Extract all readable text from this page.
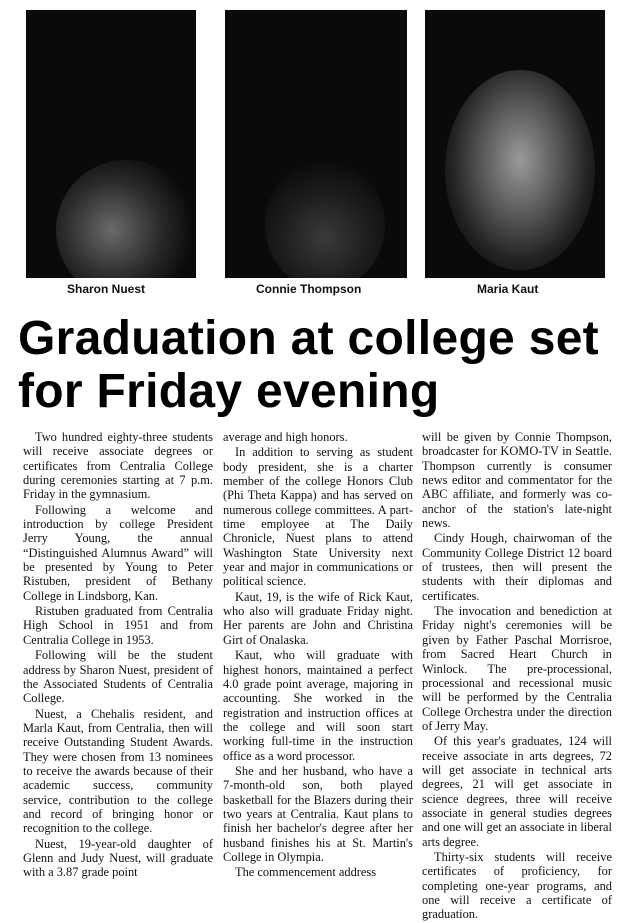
Sharon Nuest	Connie Thompson	Maria Kaut
Graduation at college set for Friday evening

Two hundred eighty-three students will receive associate degrees or certificates from Centralia College during ceremonies starting at 7 p.m. Friday in the gymnasium.

Following a welcome and introduction by college President Jerry Young, the annual “Distinguished Alumnus Award” will be presented by Young to Peter Ristuben, president of Bethany College in Lindsborg, Kan.

Ristuben graduated from Centralia High School in 1951 and from Centralia College in 1953.

Following will be the student address by Sharon Nuest, president of the Associated Students of Centralia College.

Nuest, a Chehalis resident, and Marla Kaut, from Centralia, then will receive Outstanding Student Awards. They were chosen from 13 nominees to receive the awards because of their academic success, community service, contribution to the college and record of bringing honor or recognition to the college.

Nuest, 19-year-old daughter of Glenn and Judy Nuest, will graduate with a 3.87 grade point

average and high honors.

In addition to serving as student body president, she is a charter member of the college Honors Club (Phi Theta Kappa) and has served on numerous college committees. A part-time employee at The Daily Chronicle, Nuest plans to attend Washington State University next year and major in communications or political science.

Kaut, 19, is the wife of Rick Kaut, who also will graduate Friday night. Her parents are John and Christina Girt of Onalaska.

Kaut, who will graduate with highest honors, maintained a perfect 4.0 grade point average, majoring in accounting. She worked in the registration and instruction offices at the college and will soon start working full-time in the instruction office as a word processor.

She and her husband, who have a 7-month-old son, both played basketball for the Blazers during their two years at Centralia. Kaut plans to finish her bachelor's degree after her husband finishes his at St. Martin's College in Olympia.

The commencement address

will be given by Connie Thompson, broadcaster for KOMO-TV in Seattle. Thompson currently is consumer news editor and commentator for the ABC affiliate, and formerly was co-anchor of the station's late-night news.

Cindy Hough, chairwoman of the Community College District 12 board of trustees, then will present the students with their diplomas and certificates.

The invocation and benediction at Friday night's ceremonies will be given by Father Paschal Morrisroe, from Sacred Heart Church in Winlock. The pre-processional, processional and recessional music will be performed by the Centralia College Orchestra under the direction of Jerry May.

Of this year's graduates, 124 will receive associate in arts degrees, 72 will get associate in technical arts degrees, 21 will get associate in science degrees, three will receive associate in general studies degrees and one will get an associate in liberal arts degree.

Thirty-six students will receive certificates of proficiency, for completing one-year programs, and one will receive a certificate of graduation.
